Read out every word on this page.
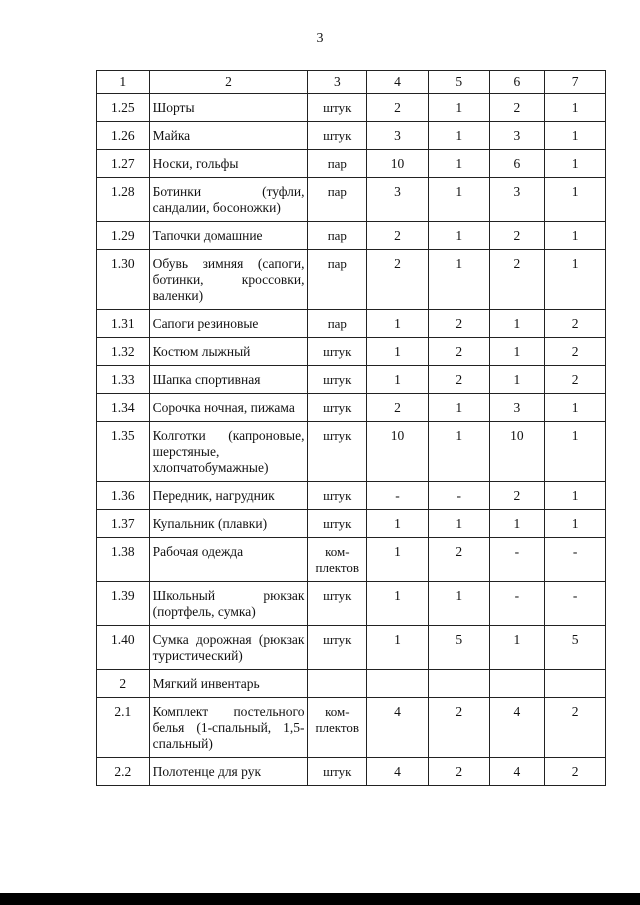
3
1	2	3	4	5	6	7
1.25	Шорты	штук	2	1	2	1
1.26	Майка	штук	3	1	3	1
1.27	Носки, гольфы	пар	10	1	6	1
1.28	Ботинки (туфли, сандалии, босоножки)	пар	3	1	3	1
1.29	Тапочки домашние	пар	2	1	2	1
1.30	Обувь зимняя (сапоги, ботинки, кроссовки, валенки)	пар	2	1	2	1
1.31	Сапоги резиновые	пар	1	2	1	2
1.32	Костюм лыжный	штук	1	2	1	2
1.33	Шапка спортивная	штук	1	2	1	2
1.34	Сорочка ночная, пижама	штук	2	1	3	1
1.35	Колготки (капроновые, шерстяные, хлопчатобумажные)	штук	10	1	10	1
1.36	Передник, нагрудник	штук	-	-	2	1
1.37	Купальник (плавки)	штук	1	1	1	1
1.38	Рабочая одежда	ком-плектов	1	2	-	-
1.39	Школьный рюкзак (портфель, сумка)	штук	1	1	-	-
1.40	Сумка дорожная (рюкзак туристический)	штук	1	5	1	5
2	Мягкий инвентарь					
2.1	Комплект постельного белья (1-спальный, 1,5-спальный)	ком-плектов	4	2	4	2
2.2	Полотенце для рук	штук	4	2	4	2
